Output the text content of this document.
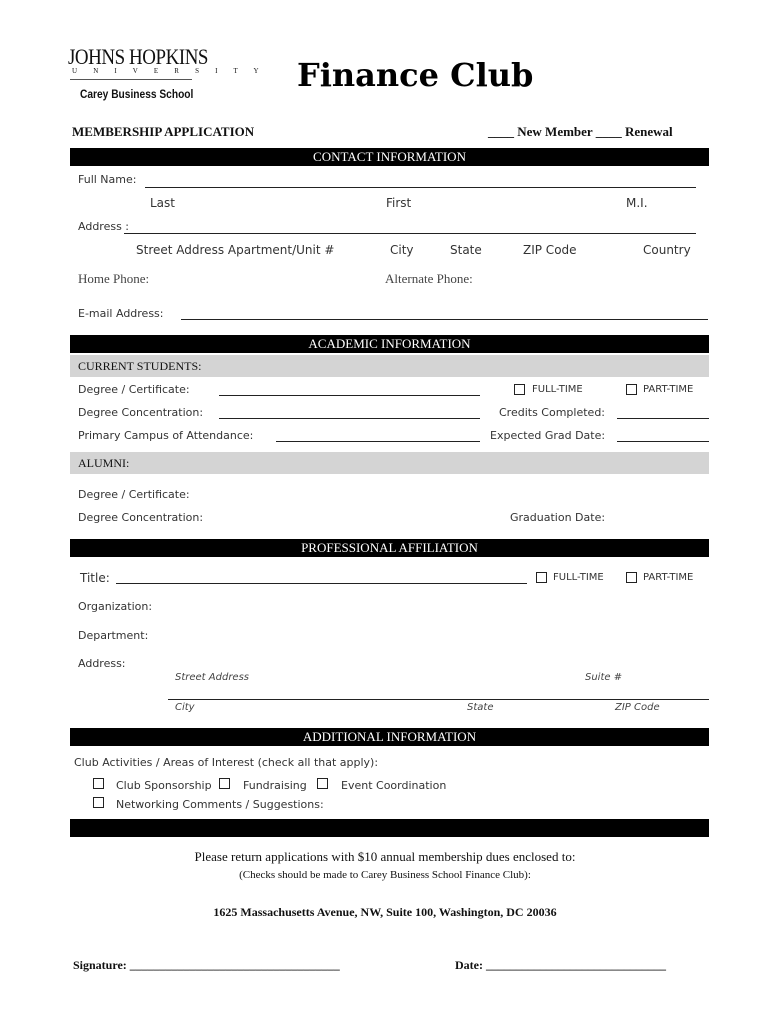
JOHNS HOPKINS
U N I V E R S I T Y
Carey Business School	Finance Club
MEMBERSHIP APPLICATION	____ New Member ____ Renewal
CONTACT INFORMATION
Full Name:
Last	First	M.I.
Address :
Street Address Apartment/Unit #	City	State	ZIP Code	Country
Home Phone:	Alternate Phone:
E-mail Address:
ACADEMIC INFORMATION
CURRENT STUDENTS:
Degree / Certificate:	FULL-TIME	PART-TIME
Degree Concentration:	Credits Completed:
Primary Campus of Attendance:	Expected Grad Date:
ALUMNI:
Degree / Certificate:
Degree Concentration:	Graduation Date:
PROFESSIONAL AFFILIATION
Title:	FULL-TIME	PART-TIME
Organization:
Department:
Address:
Street Address	Suite #
City	State	ZIP Code
ADDITIONAL INFORMATION
Club Activities / Areas of Interest (check all that apply):
Club Sponsorship	Fundraising	Event Coordination
Networking Comments / Suggestions:
Please return applications with $10 annual membership dues enclosed to:
(Checks should be made to Carey Business School Finance Club):
1625 Massachusetts Avenue, NW, Suite 100, Washington, DC 20036
Signature: ___________________________________	Date: ______________________________
